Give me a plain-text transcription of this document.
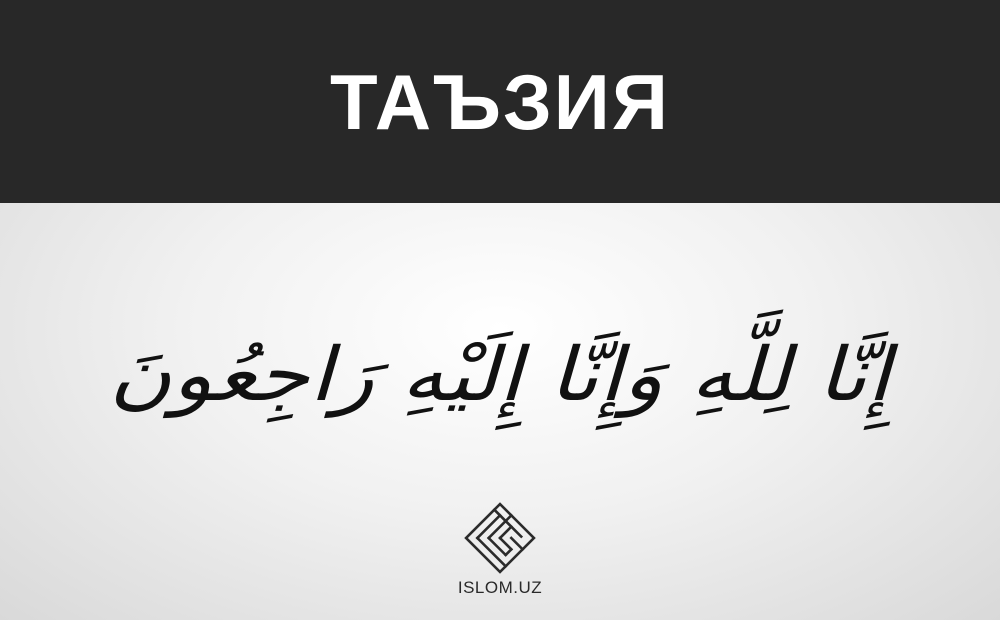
ТАЪЗИЯ
إِنَّا لِلَّهِ وَإِنَّا إِلَيْهِ رَاجِعُونَ
ISLOM.UZ
